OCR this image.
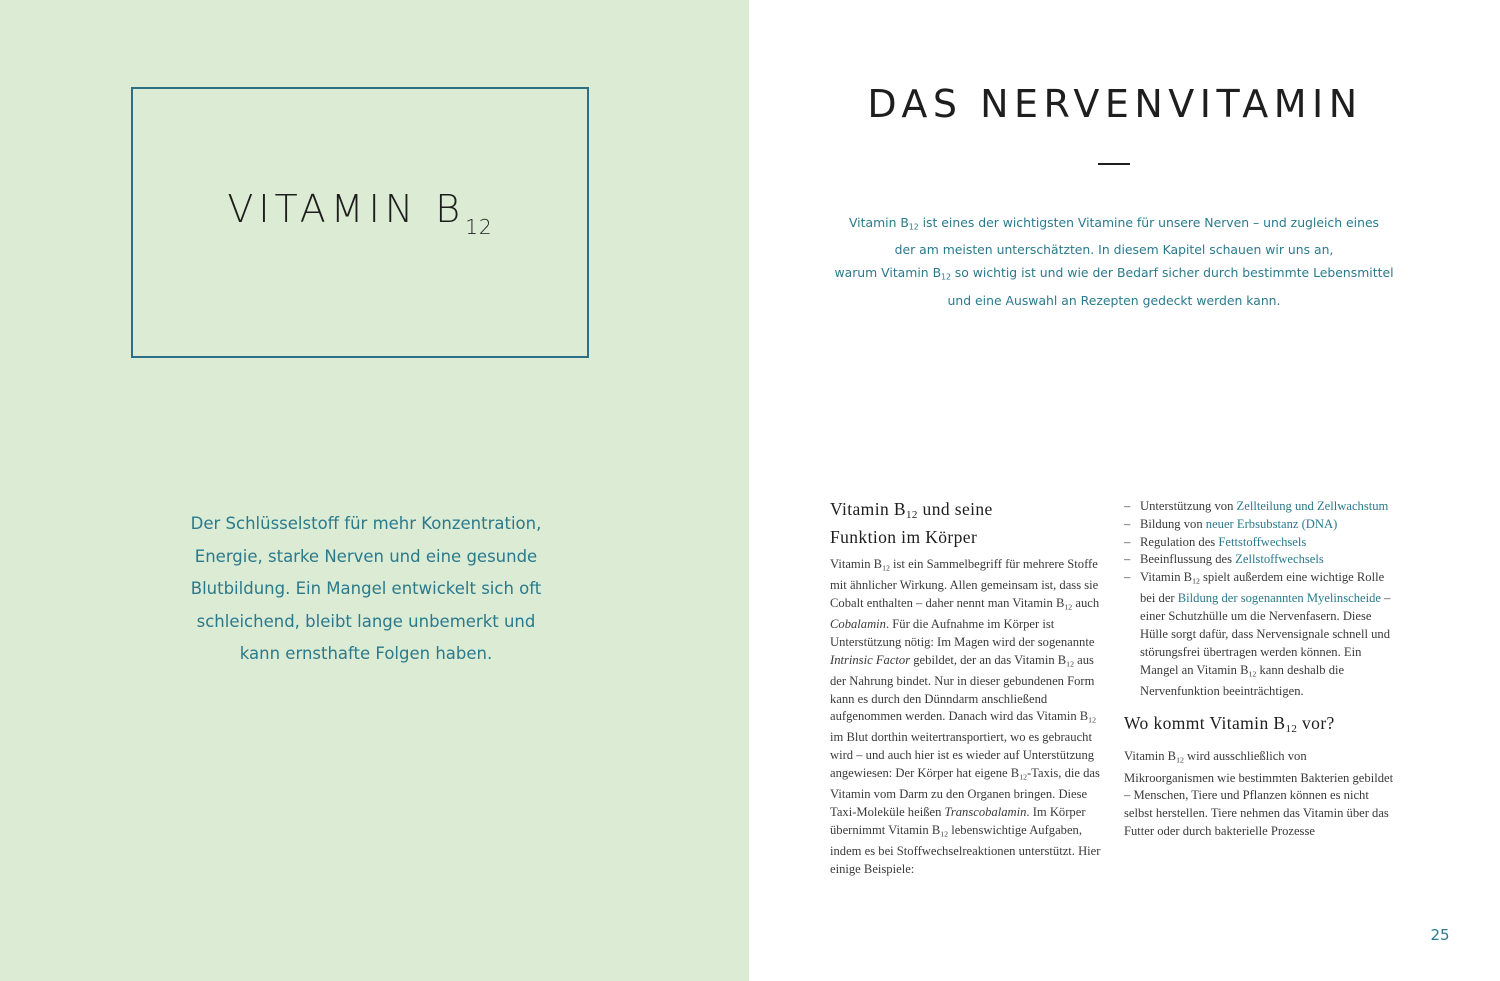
VITAMIN $B_{12}$
Der Schlüsselstoff für mehr Konzentration,
Energie, starke Nerven und eine gesunde
Blutbildung. Ein Mangel entwickelt sich oft
schleichend, bleibt lange unbemerkt und
kann ernsthafte Folgen haben.
DAS NERVENVITAMIN
Vitamin $B_{12}$ ist eines der wichtigsten Vitamine für unsere Nerven – und zugleich eines
der am meisten unterschätzten. In diesem Kapitel schauen wir uns an,
warum Vitamin $B_{12}$ so wichtig ist und wie der Bedarf sicher durch bestimmte Lebensmittel
und eine Auswahl an Rezepten gedeckt werden kann.
Vitamin $B_{12}$ und seine
Funktion im Körper

Vitamin $B_{12}$ ist ein Sammelbegriff für mehrere Stoffe mit ähnlicher Wirkung. Allen gemeinsam ist, dass sie Cobalt enthalten – daher nennt man Vitamin $B_{12}$ auch Cobalamin. Für die Aufnahme im Körper ist Unterstützung nötig: Im Magen wird der sogenannte Intrinsic Factor gebildet, der an das Vitamin $B_{12}$ aus der Nahrung bindet. Nur in dieser gebundenen Form kann es durch den Dünndarm anschließend aufgenommen werden. Danach wird das Vitamin $B_{12}$ im Blut dorthin weitertransportiert, wo es gebraucht wird – und auch hier ist es wieder auf Unterstützung angewiesen: Der Körper hat eigene $B_{12}$-Taxis, die das Vitamin vom Darm zu den Organen bringen. Diese Taxi-Moleküle heißen Transcobalamin. Im Körper übernimmt Vitamin $B_{12}$ lebenswichtige Aufgaben, indem es bei Stoffwechselreaktionen unterstützt. Hier einige Beispiele:

– Unterstützung von Zellteilung und Zellwachstum
– Bildung von neuer Erbsubstanz (DNA)
– Regulation des Fettstoffwechsels
– Beeinflussung des Zellstoffwechsels
– Vitamin $B_{12}$ spielt außerdem eine wichtige Rolle bei der Bildung der sogenannten Myelinscheide – einer Schutzhülle um die Nervenfasern. Diese Hülle sorgt dafür, dass Nervensignale schnell und störungsfrei übertragen werden können. Ein Mangel an Vitamin $B_{12}$ kann deshalb die Nervenfunktion beeinträchtigen.
Wo kommt Vitamin $B_{12}$ vor?

Vitamin $B_{12}$ wird ausschließlich von Mikroorganismen wie bestimmten Bakterien gebildet – Menschen, Tiere und Pflanzen können es nicht selbst herstellen. Tiere nehmen das Vitamin über das Futter oder durch bakterielle Prozesse

25
